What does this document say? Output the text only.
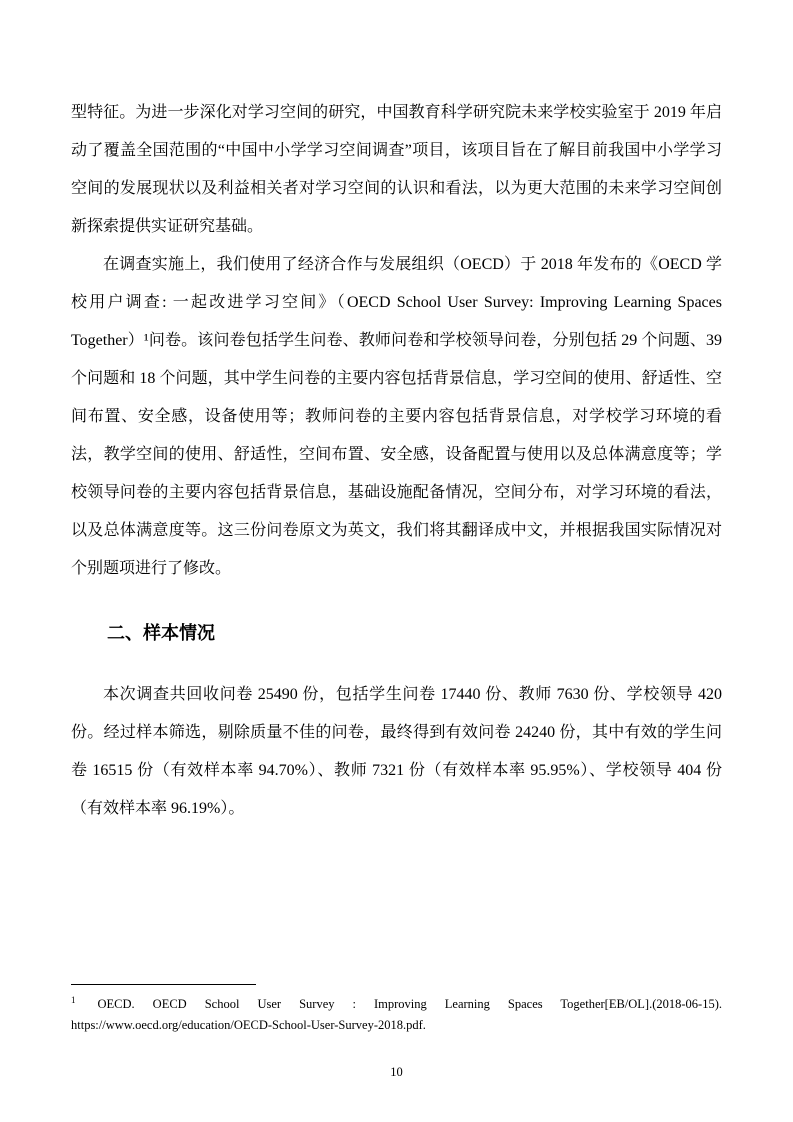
型特征。为进一步深化对学习空间的研究，中国教育科学研究院未来学校实验室于 2019 年启动了覆盖全国范围的“中国中小学学习空间调查”项目，该项目旨在了解目前我国中小学学习空间的发展现状以及利益相关者对学习空间的认识和看法，以为更大范围的未来学习空间创新探索提供实证研究基础。

在调查实施上，我们使用了经济合作与发展组织（OECD）于 2018 年发布的《OECD 学校用户调查: 一起改进学习空间》（OECD School User Survey: Improving Learning Spaces Together）¹问卷。该问卷包括学生问卷、教师问卷和学校领导问卷，分别包括 29 个问题、39 个问题和 18 个问题，其中学生问卷的主要内容包括背景信息，学习空间的使用、舒适性、空间布置、安全感，设备使用等；教师问卷的主要内容包括背景信息，对学校学习环境的看法，教学空间的使用、舒适性，空间布置、安全感，设备配置与使用以及总体满意度等；学校领导问卷的主要内容包括背景信息，基础设施配备情况，空间分布，对学习环境的看法，以及总体满意度等。这三份问卷原文为英文，我们将其翻译成中文，并根据我国实际情况对个别题项进行了修改。

二、样本情况

本次调查共回收问卷 25490 份，包括学生问卷 17440 份、教师 7630 份、学校领导 420 份。经过样本筛选，剔除质量不佳的问卷，最终得到有效问卷 24240 份，其中有效的学生问卷 16515 份（有效样本率 94.70%）、教师 7321 份（有效样本率 95.95%）、学校领导 404 份（有效样本率 96.19%）。

$^1$ OECD. OECD School User Survey : Improving Learning Spaces Together[EB/OL].(2018-06-15). https://www.oecd.org/education/OECD-School-User-Survey-2018.pdf.

10
